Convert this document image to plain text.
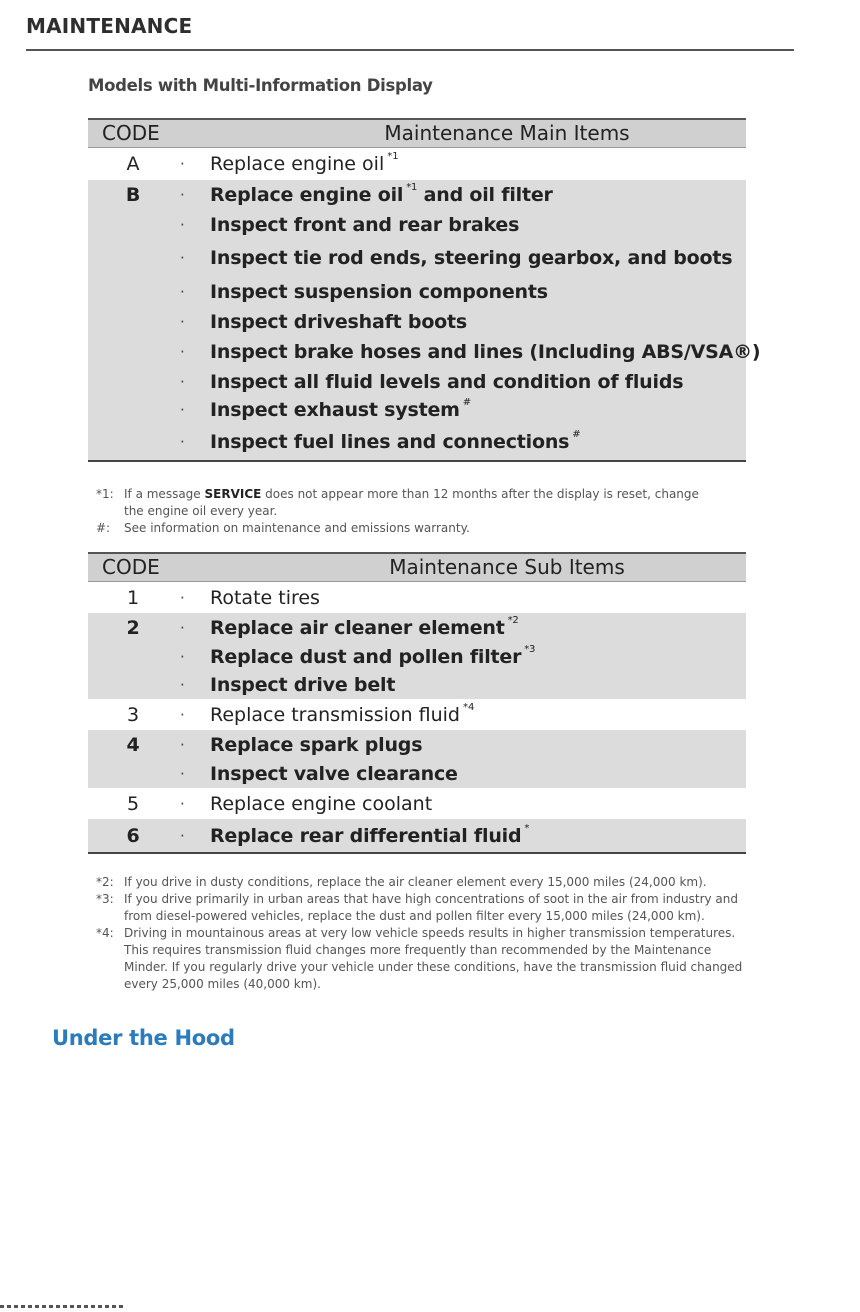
MAINTENANCE
Models with Multi-Information Display
CODE	Maintenance Main Items
A	· Replace engine oil $^{*1}$
B	· Replace engine oil $^{*1}$ and oil filter
· Inspect front and rear brakes
· Inspect tie rod ends, steering gearbox, and boots
· Inspect suspension components
· Inspect driveshaft boots
· Inspect brake hoses and lines (Including ABS/VSA®)
· Inspect all fluid levels and condition of fluids
· Inspect exhaust system #
· Inspect fuel lines and connections #
*1: If a message SERVICE does not appear more than 12 months after the display is reset, change the engine oil every year.
#:	See information on maintenance and emissions warranty.
CODE	Maintenance Sub Items
1	· Rotate tires
2	· Replace air cleaner element $^{*2}$
· Replace dust and pollen filter $^{*3}$
· Inspect drive belt
3	· Replace transmission fluid $^{*4}$
4	· Replace spark plugs
· Inspect valve clearance
5	· Replace engine coolant
6	· Replace rear differential fluid *
*2: If you drive in dusty conditions, replace the air cleaner element every 15,000 miles (24,000 km).
*3: If you drive primarily in urban areas that have high concentrations of soot in the air from industry and from diesel-powered vehicles, replace the dust and pollen filter every 15,000 miles (24,000 km).
*4: Driving in mountainous areas at very low vehicle speeds results in higher transmission temperatures. This requires transmission fluid changes more frequently than recommended by the Maintenance Minder. If you regularly drive your vehicle under these conditions, have the transmission fluid changed every 25,000 miles (40,000 km).
Under the Hood
